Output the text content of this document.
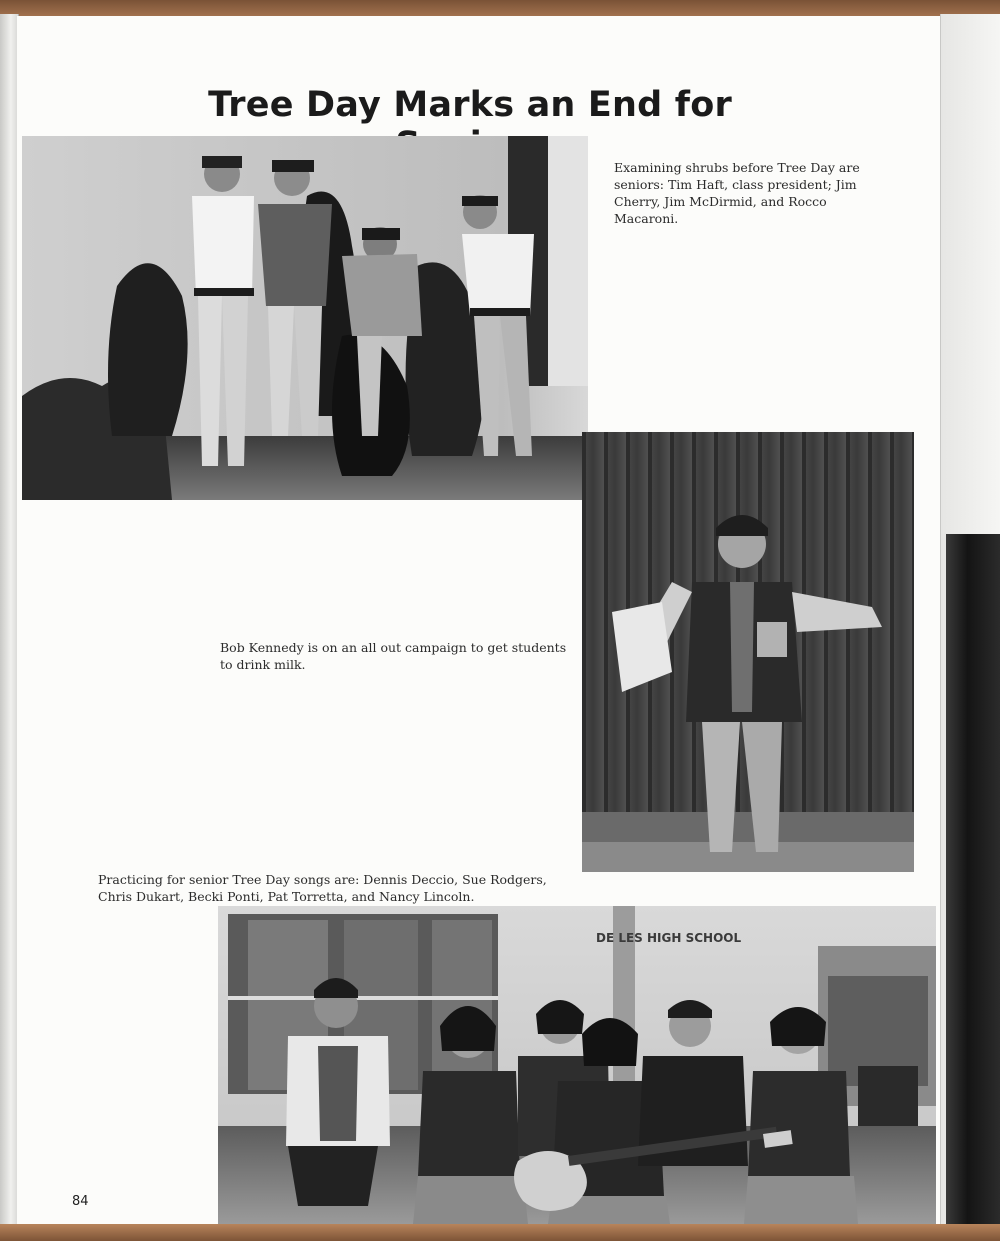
Tree Day Marks an End for

Examining shrubs before Tree Day are seniors: Tim Haft, class president; Jim Cherry, Jim McDirmid, and Rocco Macaroni.

Bob Kennedy is on an all out campaign to get students to drink milk.

Practicing for senior Tree Day songs are: Dennis Deccio, Sue Rodgers, Chris Dukart, Becki Ponti, Pat Torretta, and Nancy Lincoln.

DE LES HIGH SCHOOL
84
